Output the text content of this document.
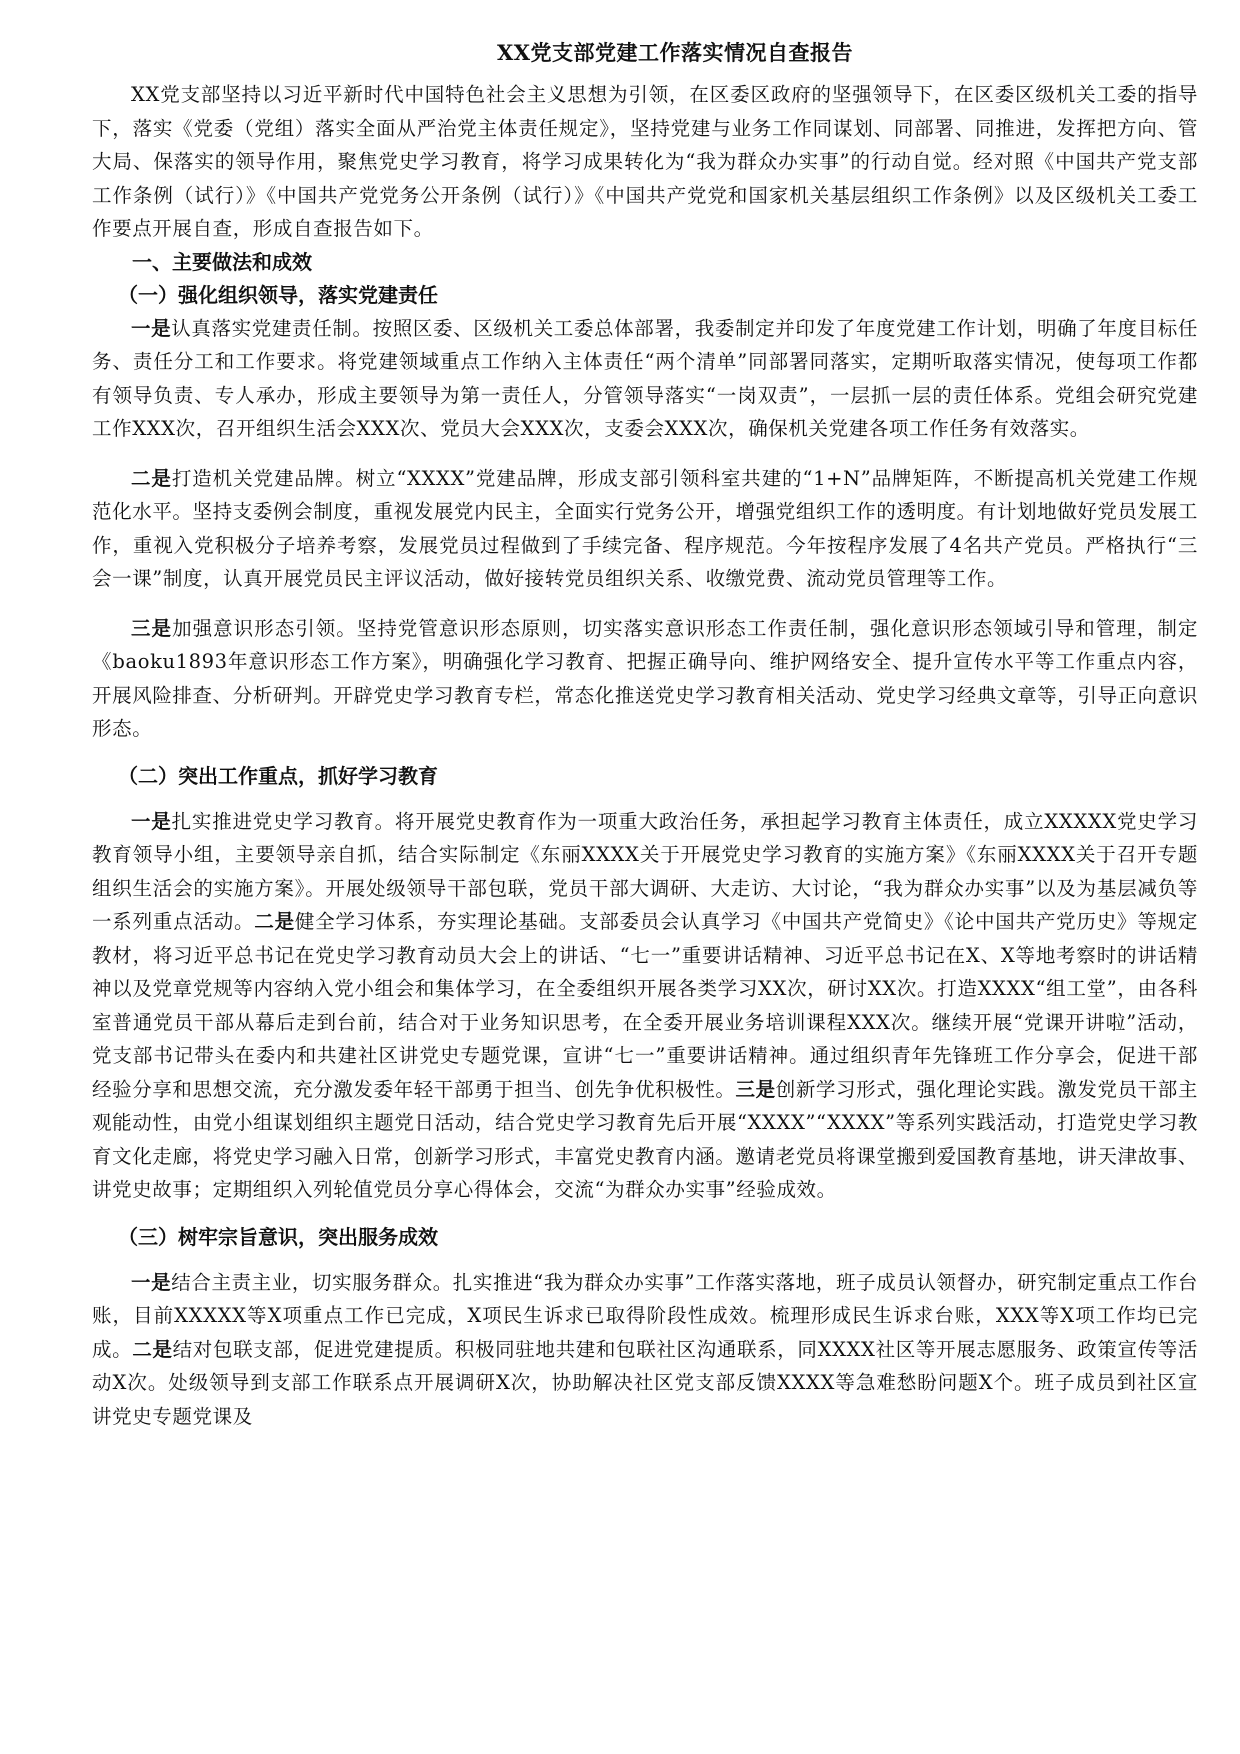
XX党支部党建工作落实情况自查报告

XX党支部坚持以习近平新时代中国特色社会主义思想为引领，在区委区政府的坚强领导下，在区委区级机关工委的指导下，落实《党委（党组）落实全面从严治党主体责任规定》，坚持党建与业务工作同谋划、同部署、同推进，发挥把方向、管大局、保落实的领导作用，聚焦党史学习教育，将学习成果转化为“我为群众办实事”的行动自觉。经对照《中国共产党支部工作条例（试行）》《中国共产党党务公开条例（试行）》《中国共产党党和国家机关基层组织工作条例》以及区级机关工委工作要点开展自查，形成自查报告如下。

一、主要做法和成效

（一）强化组织领导，落实党建责任

一是认真落实党建责任制。按照区委、区级机关工委总体部署，我委制定并印发了年度党建工作计划，明确了年度目标任务、责任分工和工作要求。将党建领域重点工作纳入主体责任“两个清单”同部署同落实，定期听取落实情况，使每项工作都有领导负责、专人承办，形成主要领导为第一责任人，分管领导落实“一岗双责”，一层抓一层的责任体系。党组会研究党建工作XXX次，召开组织生活会XXX次、党员大会XXX次，支委会XXX次，确保机关党建各项工作任务有效落实。

二是打造机关党建品牌。树立“XXXX”党建品牌，形成支部引领科室共建的“1+N”品牌矩阵，不断提高机关党建工作规范化水平。坚持支委例会制度，重视发展党内民主，全面实行党务公开，增强党组织工作的透明度。有计划地做好党员发展工作，重视入党积极分子培养考察，发展党员过程做到了手续完备、程序规范。今年按程序发展了4名共产党员。严格执行“三会一课”制度，认真开展党员民主评议活动，做好接转党员组织关系、收缴党费、流动党员管理等工作。

三是加强意识形态引领。坚持党管意识形态原则，切实落实意识形态工作责任制，强化意识形态领域引导和管理，制定《baoku1893年意识形态工作方案》，明确强化学习教育、把握正确导向、维护网络安全、提升宣传水平等工作重点内容，开展风险排查、分析研判。开辟党史学习教育专栏，常态化推送党史学习教育相关活动、党史学习经典文章等，引导正向意识形态。

（二）突出工作重点，抓好学习教育

一是扎实推进党史学习教育。将开展党史教育作为一项重大政治任务，承担起学习教育主体责任，成立XXXXX党史学习教育领导小组，主要领导亲自抓，结合实际制定《东丽XXXX关于开展党史学习教育的实施方案》《东丽XXXX关于召开专题组织生活会的实施方案》。开展处级领导干部包联，党员干部大调研、大走访、大讨论，“我为群众办实事”以及为基层减负等一系列重点活动。二是健全学习体系，夯实理论基础。支部委员会认真学习《中国共产党简史》《论中国共产党历史》等规定教材，将习近平总书记在党史学习教育动员大会上的讲话、“七一”重要讲话精神、习近平总书记在X、X等地考察时的讲话精神以及党章党规等内容纳入党小组会和集体学习，在全委组织开展各类学习XX次，研讨XX次。打造XXXX“组工堂”，由各科室普通党员干部从幕后走到台前，结合对于业务知识思考，在全委开展业务培训课程XXX次。继续开展“党课开讲啦”活动，党支部书记带头在委内和共建社区讲党史专题党课，宣讲“七一”重要讲话精神。通过组织青年先锋班工作分享会，促进干部经验分享和思想交流，充分激发委年轻干部勇于担当、创先争优积极性。三是创新学习形式，强化理论实践。激发党员干部主观能动性，由党小组谋划组织主题党日活动，结合党史学习教育先后开展“XXXX”“XXXX”等系列实践活动，打造党史学习教育文化走廊，将党史学习融入日常，创新学习形式，丰富党史教育内涵。邀请老党员将课堂搬到爱国教育基地，讲天津故事、讲党史故事；定期组织入列轮值党员分享心得体会，交流“为群众办实事”经验成效。

（三）树牢宗旨意识，突出服务成效

一是结合主责主业，切实服务群众。扎实推进“我为群众办实事”工作落实落地，班子成员认领督办，研究制定重点工作台账，目前XXXXX等X项重点工作已完成，X项民生诉求已取得阶段性成效。梳理形成民生诉求台账，XXX等X项工作均已完成。二是结对包联支部，促进党建提质。积极同驻地共建和包联社区沟通联系，同XXXX社区等开展志愿服务、政策宣传等活动X次。处级领导到支部工作联系点开展调研X次，协助解决社区党支部反馈XXXX等急难愁盼问题X个。班子成员到社区宣讲党史专题党课及
